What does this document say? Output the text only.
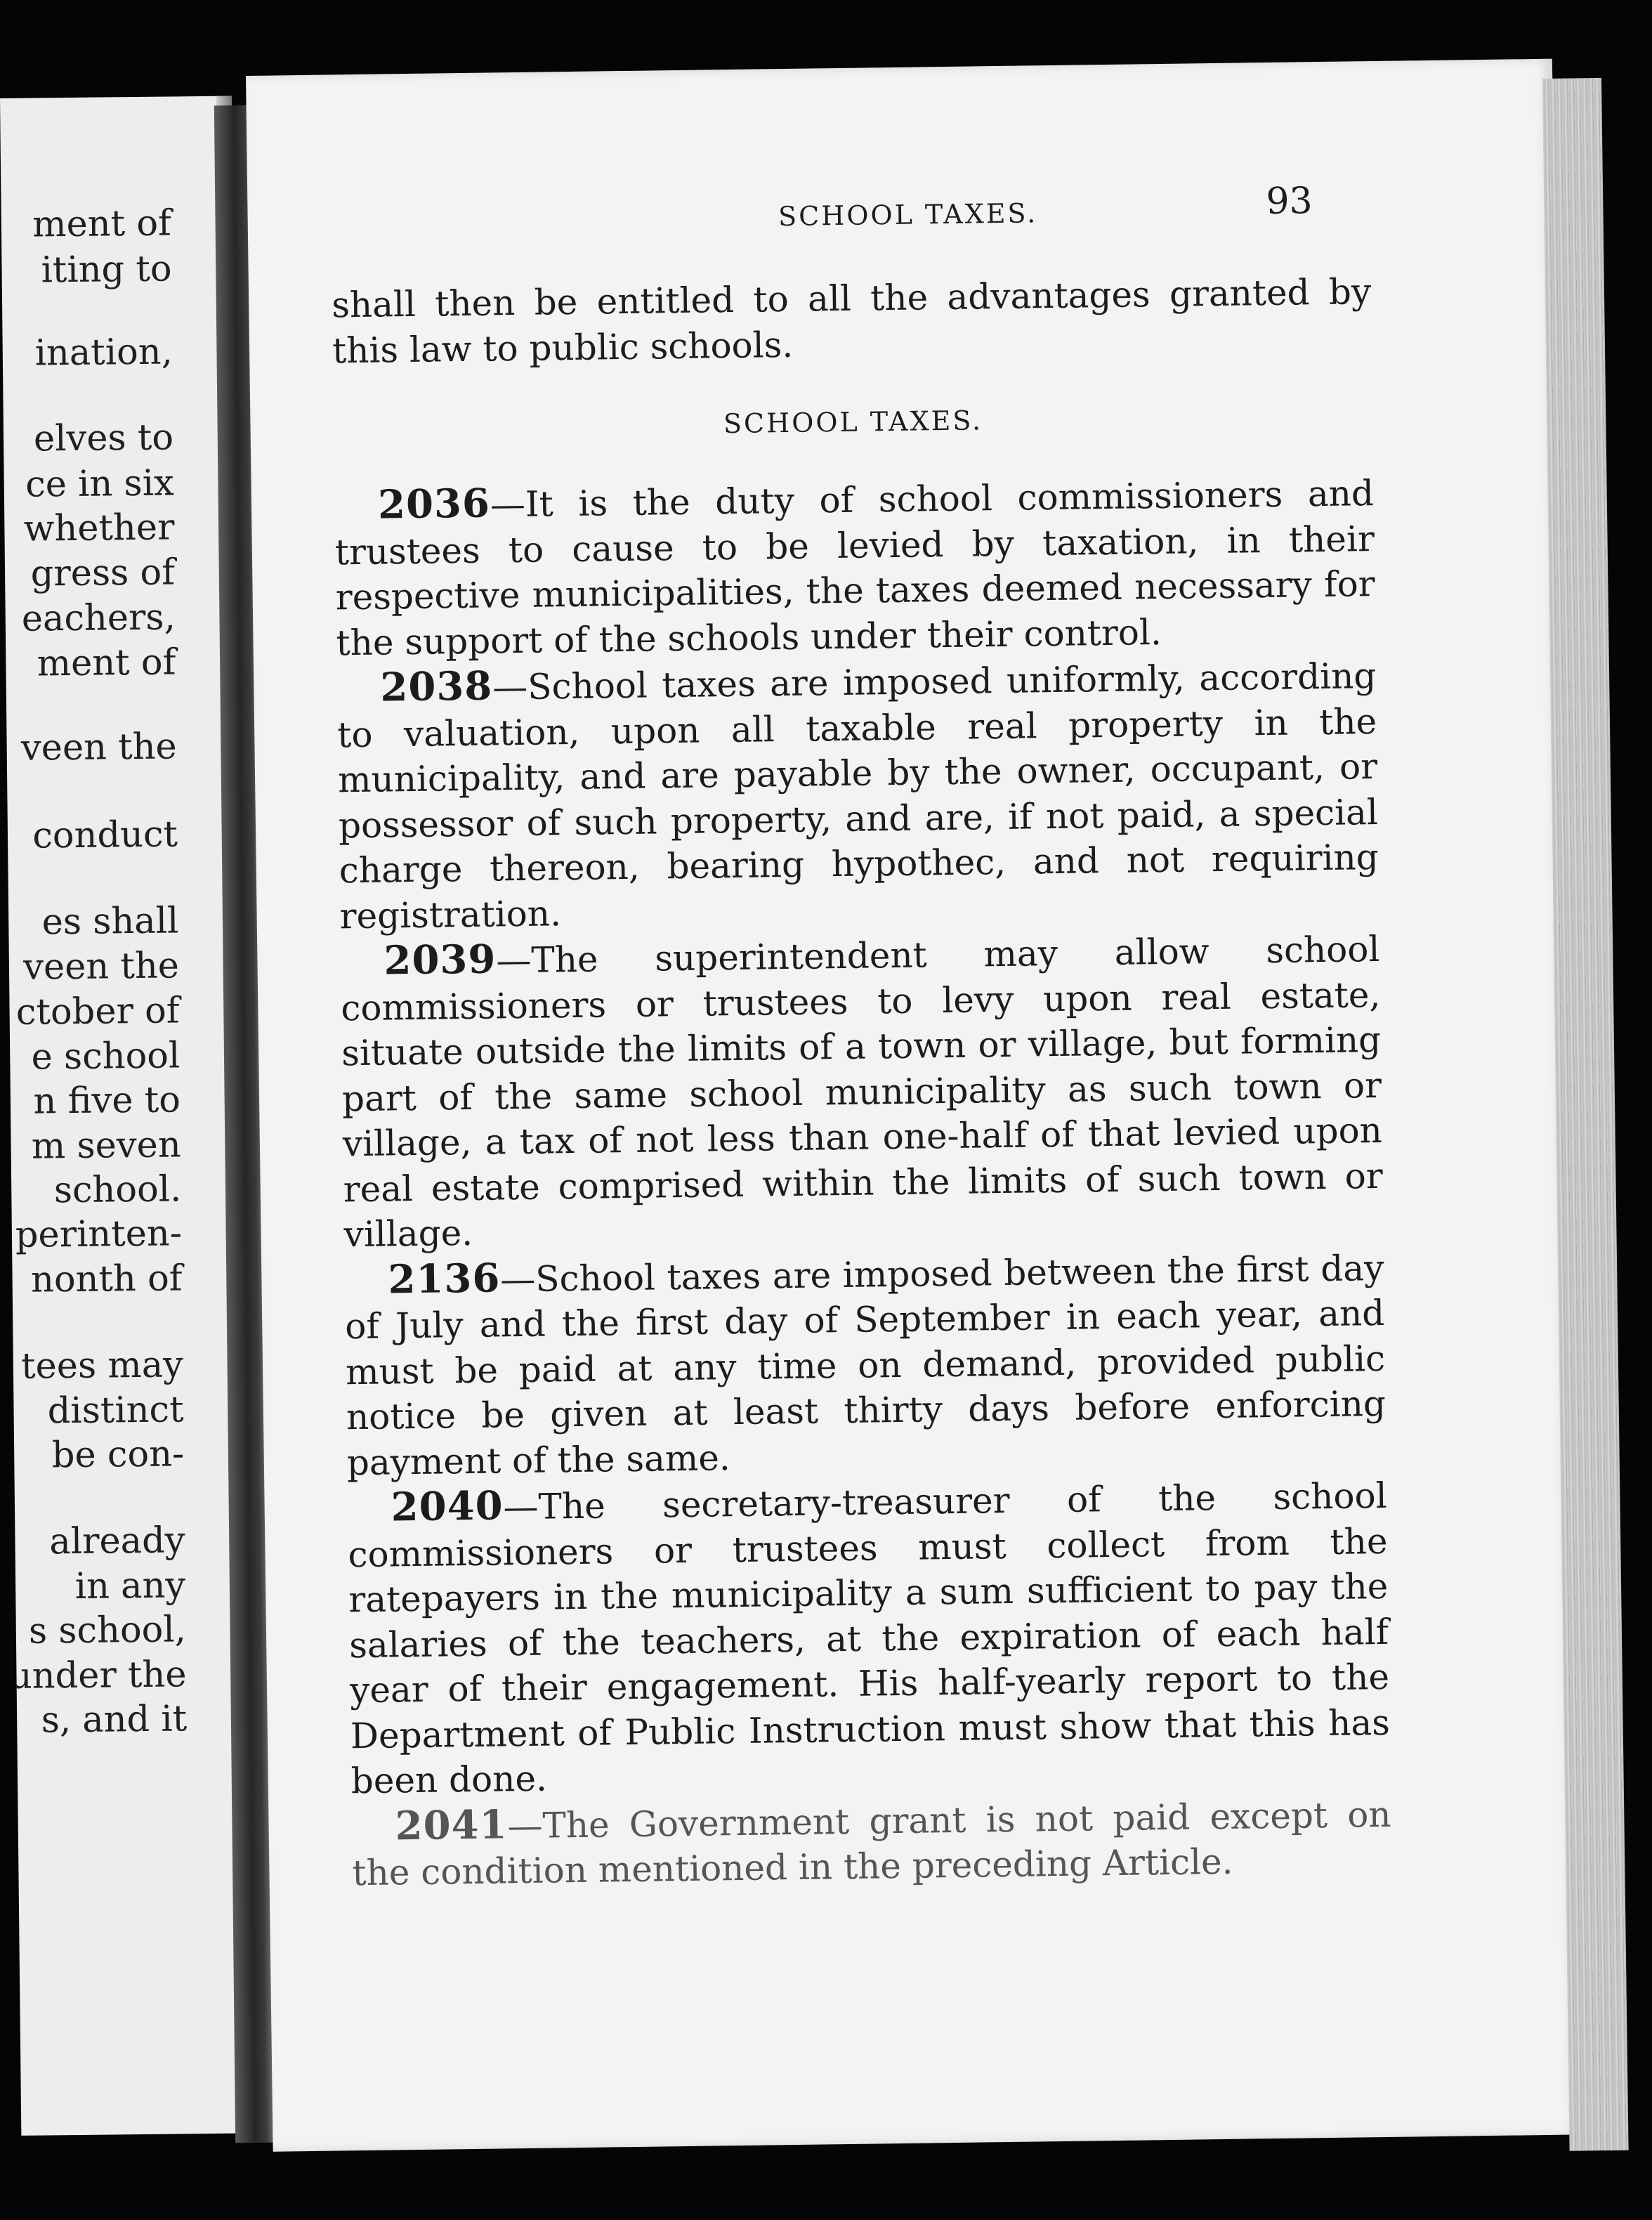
ment of
iting to
ination,
elves to
ce in six
whether
gress of
eachers,
ment of
veen the
conduct
es shall
veen the
ctober of
e school
n five to
m seven
school.
perinten-
nonth of
tees may
distinct
be con-
already
in any
s school,
under the
s, and it
SCHOOL TAXES.	93

shall then be entitled to all the advantages granted by this law to public schools.

SCHOOL TAXES.

2036—It is the duty of school commissioners and trustees to cause to be levied by taxation, in their respective municipalities, the taxes deemed necessary for the support of the schools under their control.

2038—School taxes are imposed uniformly, according to valuation, upon all taxable real property in the municipality, and are payable by the owner, occupant, or possessor of such property, and are, if not paid, a special charge thereon, bearing hypothec, and not requiring registration.

2039—The superintendent may allow school commissioners or trustees to levy upon real estate, situate outside the limits of a town or village, but forming part of the same school municipality as such town or village, a tax of not less than one-half of that levied upon real estate comprised within the limits of such town or village.

2136—School taxes are imposed between the first day of July and the first day of September in each year, and must be paid at any time on demand, provided public notice be given at least thirty days before enforcing payment of the same.

2040—The secretary-treasurer of the school commissioners or trustees must collect from the ratepayers in the municipality a sum sufficient to pay the salaries of the teachers, at the expiration of each half year of their engagement. His half-yearly report to the Department of Public Instruction must show that this has been done.

2041—The Government grant is not paid except on the condition mentioned in the preceding Article.
